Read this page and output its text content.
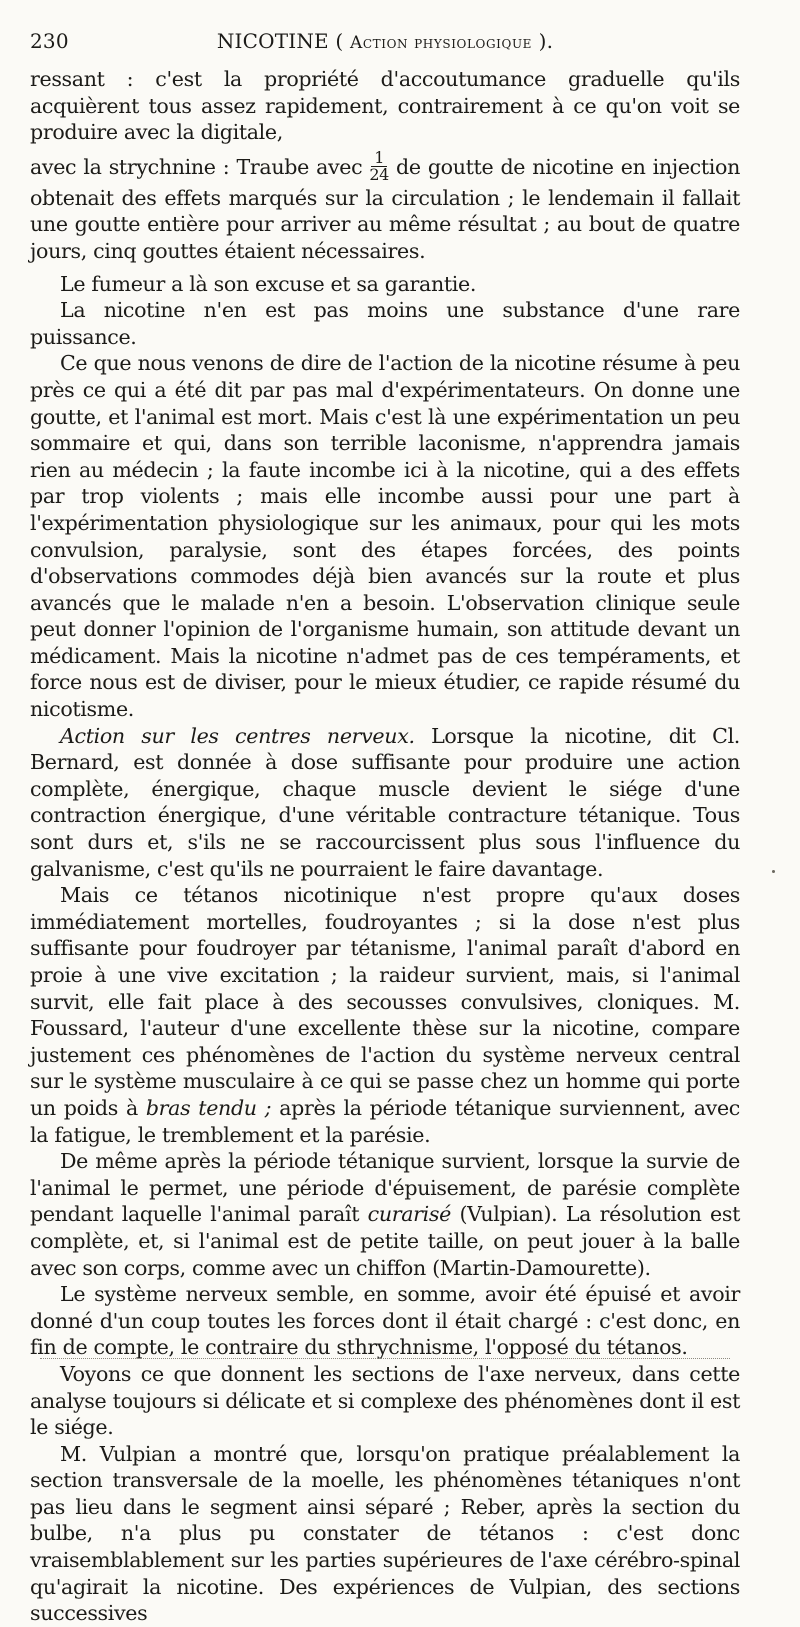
230	NICOTINE ( Action physiologique ).

ressant : c'est la propriété d'accoutumance graduelle qu'ils acquièrent tous assez rapidement, contrairement à ce qu'on voit se produire avec la digitale,

avec la strychnine : Traube avec $\frac{1}{24}$ de goutte de nicotine en injection obtenait des effets marqués sur la circulation ; le lendemain il fallait une goutte entière pour arriver au même résultat ; au bout de quatre jours, cinq gouttes étaient nécessaires.

Le fumeur a là son excuse et sa garantie.

La nicotine n'en est pas moins une substance d'une rare puissance.

Ce que nous venons de dire de l'action de la nicotine résume à peu près ce qui a été dit par pas mal d'expérimentateurs. On donne une goutte, et l'animal est mort. Mais c'est là une expérimentation un peu sommaire et qui, dans son terrible laconisme, n'apprendra jamais rien au médecin ; la faute incombe ici à la nicotine, qui a des effets par trop violents ; mais elle incombe aussi pour une part à l'expérimentation physiologique sur les animaux, pour qui les mots convulsion, paralysie, sont des étapes forcées, des points d'observations commodes déjà bien avancés sur la route et plus avancés que le malade n'en a besoin. L'observation clinique seule peut donner l'opinion de l'organisme humain, son attitude devant un médicament. Mais la nicotine n'admet pas de ces tempéraments, et force nous est de diviser, pour le mieux étudier, ce rapide résumé du nicotisme.

Action sur les centres nerveux. Lorsque la nicotine, dit Cl. Bernard, est donnée à dose suffisante pour produire une action complète, énergique, chaque muscle devient le siége d'une contraction énergique, d'une véritable contracture tétanique. Tous sont durs et, s'ils ne se raccourcissent plus sous l'influence du galvanisme, c'est qu'ils ne pourraient le faire davantage.

Mais ce tétanos nicotinique n'est propre qu'aux doses immédiatement mortelles, foudroyantes ; si la dose n'est plus suffisante pour foudroyer par tétanisme, l'animal paraît d'abord en proie à une vive excitation ; la raideur survient, mais, si l'animal survit, elle fait place à des secousses convulsives, cloniques. M. Foussard, l'auteur d'une excellente thèse sur la nicotine, compare justement ces phénomènes de l'action du système nerveux central sur le système musculaire à ce qui se passe chez un homme qui porte un poids à bras tendu ; après la période tétanique surviennent, avec la fatigue, le tremblement et la parésie.

De même après la période tétanique survient, lorsque la survie de l'animal le permet, une période d'épuisement, de parésie complète pendant laquelle l'animal paraît curarisé (Vulpian). La résolution est complète, et, si l'animal est de petite taille, on peut jouer à la balle avec son corps, comme avec un chiffon (Martin-Damourette).

Le système nerveux semble, en somme, avoir été épuisé et avoir donné d'un coup toutes les forces dont il était chargé : c'est donc, en fin de compte, le contraire du sthrychnisme, l'opposé du tétanos.

Voyons ce que donnent les sections de l'axe nerveux, dans cette analyse toujours si délicate et si complexe des phénomènes dont il est le siége.

M. Vulpian a montré que, lorsqu'on pratique préalablement la section transversale de la moelle, les phénomènes tétaniques n'ont pas lieu dans le segment ainsi séparé ; Reber, après la section du bulbe, n'a plus pu constater de tétanos : c'est donc vraisemblablement sur les parties supérieures de l'axe cérébro-spinal qu'agirait la nicotine. Des expériences de Vulpian, des sections successives
